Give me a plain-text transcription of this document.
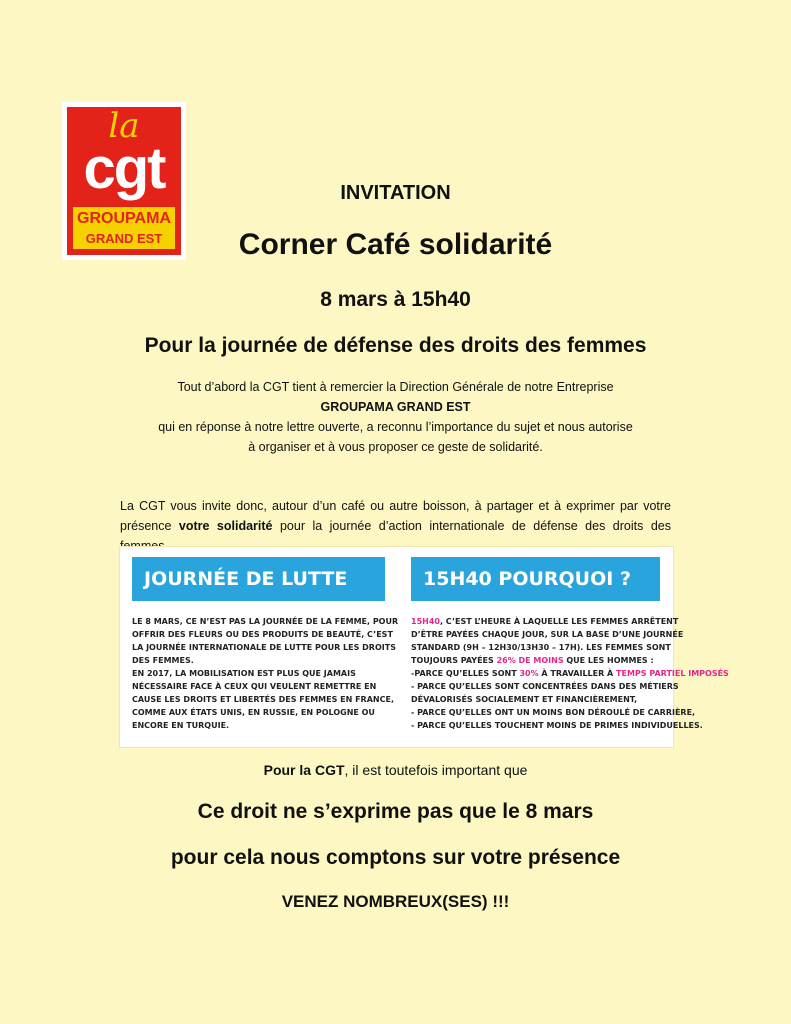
la
cgt
GROUPAMA
GRAND EST
INVITATION
Corner Café solidarité
8 mars à 15h40
Pour la journée de défense des droits des femmes
Tout d’abord la CGT tient à remercier la Direction Générale de notre Entreprise
GROUPAMA GRAND EST
qui en réponse à notre lettre ouverte, a reconnu l’importance du sujet et nous autorise
à organiser et à vous proposer ce geste de solidarité.
La CGT vous invite donc, autour d’un café ou autre boisson, à partager et à exprimer par votre présence votre solidarité pour la journée d’action internationale de défense des droits des
JOURNÉE DE LUTTE
LE 8 MARS, CE N’EST PAS LA JOURNÉE DE LA FEMME, POUR
OFFRIR DES FLEURS OU DES PRODUITS DE BEAUTÉ, C’EST
LA JOURNÉE INTERNATIONALE DE LUTTE POUR LES DROITS
DES FEMMES.
EN 2017, LA MOBILISATION EST PLUS QUE JAMAIS
NÉCESSAIRE FACE À CEUX QUI VEULENT REMETTRE EN
CAUSE LES DROITS ET LIBERTÉS DES FEMMES EN FRANCE,
COMME AUX ÉTATS UNIS, EN RUSSIE, EN POLOGNE OU
ENCORE EN TURQUIE.
15H40 POURQUOI ?
15H40, C’EST L’HEURE À LAQUELLE LES FEMMES ARRÊTENT
D’ÊTRE PAYÉES CHAQUE JOUR, SUR LA BASE D’UNE JOURNÉE
STANDARD (9H – 12H30/13H30 – 17H). LES FEMMES SONT
TOUJOURS PAYÉES 26% DE MOINS QUE LES HOMMES :
-PARCE QU’ELLES SONT 30% À TRAVAILLER À TEMPS PARTIEL IMPOSÉS
- PARCE QU’ELLES SONT CONCENTRÉES DANS DES MÉTIERS
DÉVALORISÉS SOCIALEMENT ET FINANCIÈREMENT,
- PARCE QU’ELLES ONT UN MOINS BON DÉROULÉ DE CARRIÈRE,
- PARCE QU’ELLES TOUCHENT MOINS DE PRIMES INDIVIDUELLES.
Pour la CGT, il est toutefois important que
Ce droit ne s’exprime pas que le 8 mars
pour cela nous comptons sur votre présence
VENEZ NOMBREUX(SES) !!!
